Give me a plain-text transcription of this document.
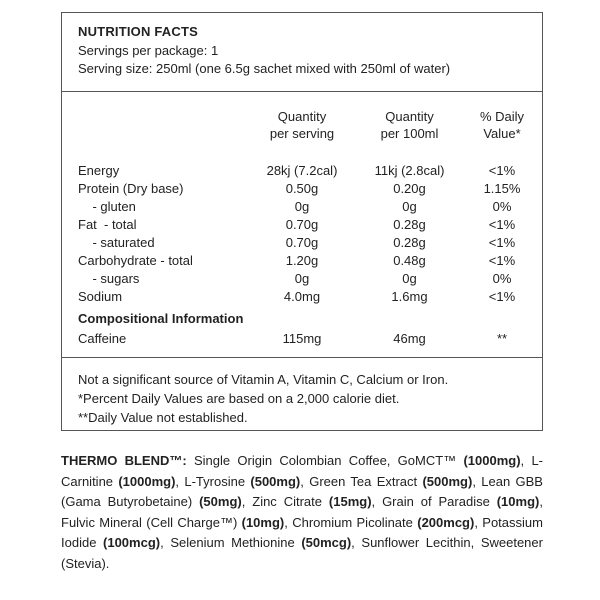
NUTRITION FACTS
Servings per package: 1
Serving size: 250ml (one 6.5g sachet mixed with 250ml of water)
Quantity
per serving
Quantity
per 100ml
% Daily
Value*
Energy	28kj (7.2cal)	11kj (2.8cal)	<1%
Protein (Dry base)	0.50g	0.20g	1.15%
- gluten	0g	0g	0%
Fat  - total	0.70g	0.28g	<1%
- saturated	0.70g	0.28g	<1%
Carbohydrate - total	1.20g	0.48g	<1%
- sugars	0g	0g	0%
Sodium	4.0mg	1.6mg	<1%
Compositional Information
Caffeine	115mg	46mg	**
Not a significant source of Vitamin A, Vitamin C, Calcium or Iron.
*Percent Daily Values are based on a 2,000 calorie diet.
**Daily Value not established.
THERMO BLEND™: Single Origin Colombian Coffee, GoMCT™ (1000mg), L-Carnitine (1000mg), L-Tyrosine (500mg), Green Tea Extract (500mg), Lean GBB (Gama Butyrobetaine) (50mg), Zinc Citrate (15mg), Grain of Paradise (10mg), Fulvic Mineral (Cell Charge™) (10mg), Chromium Picolinate (200mcg), Potassium Iodide (100mcg), Selenium Methionine (50mcg), Sunflower Lecithin, Sweetener (Stevia).
